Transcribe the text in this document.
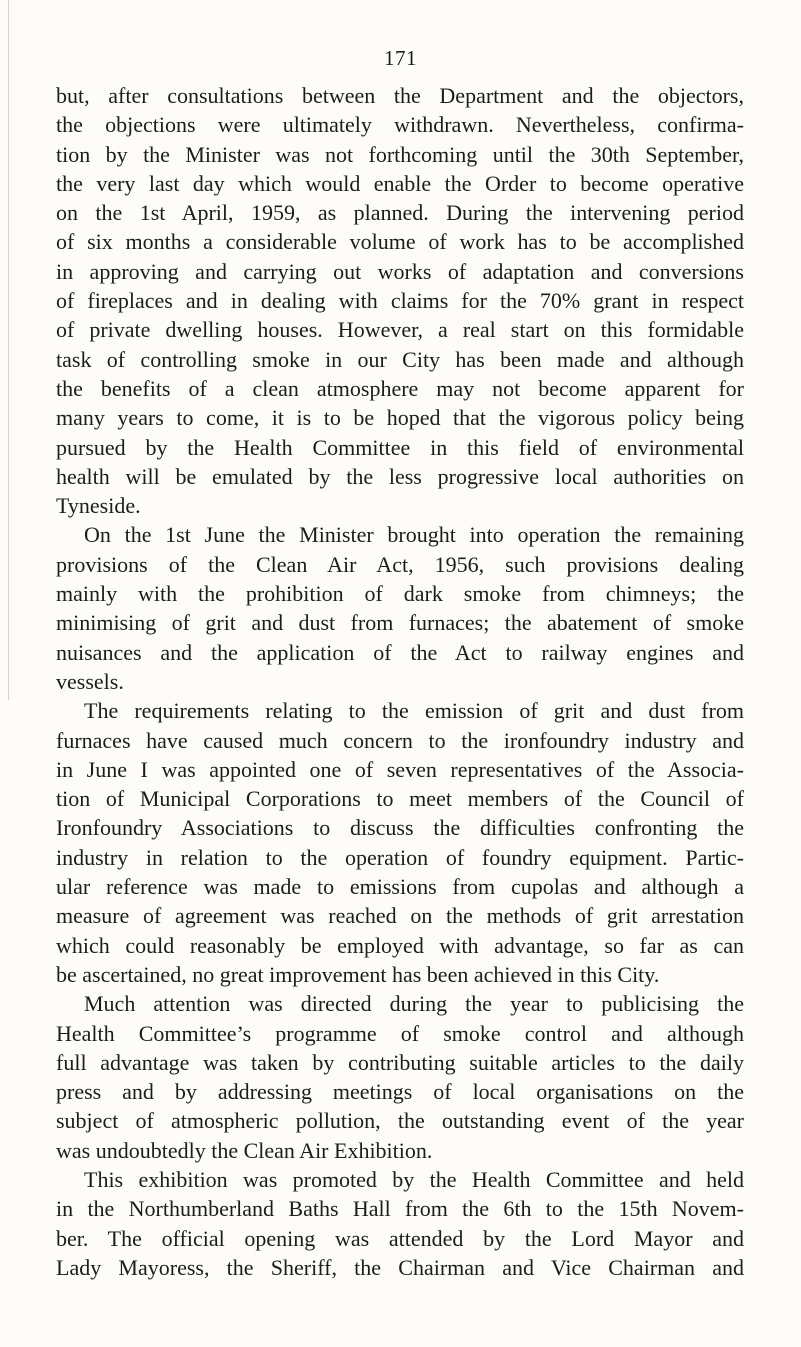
171
but, after consultations between the Department and the objectors,
the objections were ultimately withdrawn. Nevertheless, confirma-
tion by the Minister was not forthcoming until the 30th September,
the very last day which would enable the Order to become operative
on the 1st April, 1959, as planned. During the intervening period
of six months a considerable volume of work has to be accomplished
in approving and carrying out works of adaptation and conversions
of fireplaces and in dealing with claims for the 70% grant in respect
of private dwelling houses. However, a real start on this formidable
task of controlling smoke in our City has been made and although
the benefits of a clean atmosphere may not become apparent for
many years to come, it is to be hoped that the vigorous policy being
pursued by the Health Committee in this field of environmental
health will be emulated by the less progressive local authorities on
Tyneside.
On the 1st June the Minister brought into operation the remaining
provisions of the Clean Air Act, 1956, such provisions dealing
mainly with the prohibition of dark smoke from chimneys; the
minimising of grit and dust from furnaces; the abatement of smoke
nuisances and the application of the Act to railway engines and
vessels.
The requirements relating to the emission of grit and dust from
furnaces have caused much concern to the ironfoundry industry and
in June I was appointed one of seven representatives of the Associa-
tion of Municipal Corporations to meet members of the Council of
Ironfoundry Associations to discuss the difficulties confronting the
industry in relation to the operation of foundry equipment. Partic-
ular reference was made to emissions from cupolas and although a
measure of agreement was reached on the methods of grit arrestation
which could reasonably be employed with advantage, so far as can
be ascertained, no great improvement has been achieved in this City.
Much attention was directed during the year to publicising the
Health Committee’s programme of smoke control and although
full advantage was taken by contributing suitable articles to the daily
press and by addressing meetings of local organisations on the
subject of atmospheric pollution, the outstanding event of the year
was undoubtedly the Clean Air Exhibition.
This exhibition was promoted by the Health Committee and held
in the Northumberland Baths Hall from the 6th to the 15th Novem-
ber. The official opening was attended by the Lord Mayor and
Lady Mayoress, the Sheriff, the Chairman and Vice Chairman and
